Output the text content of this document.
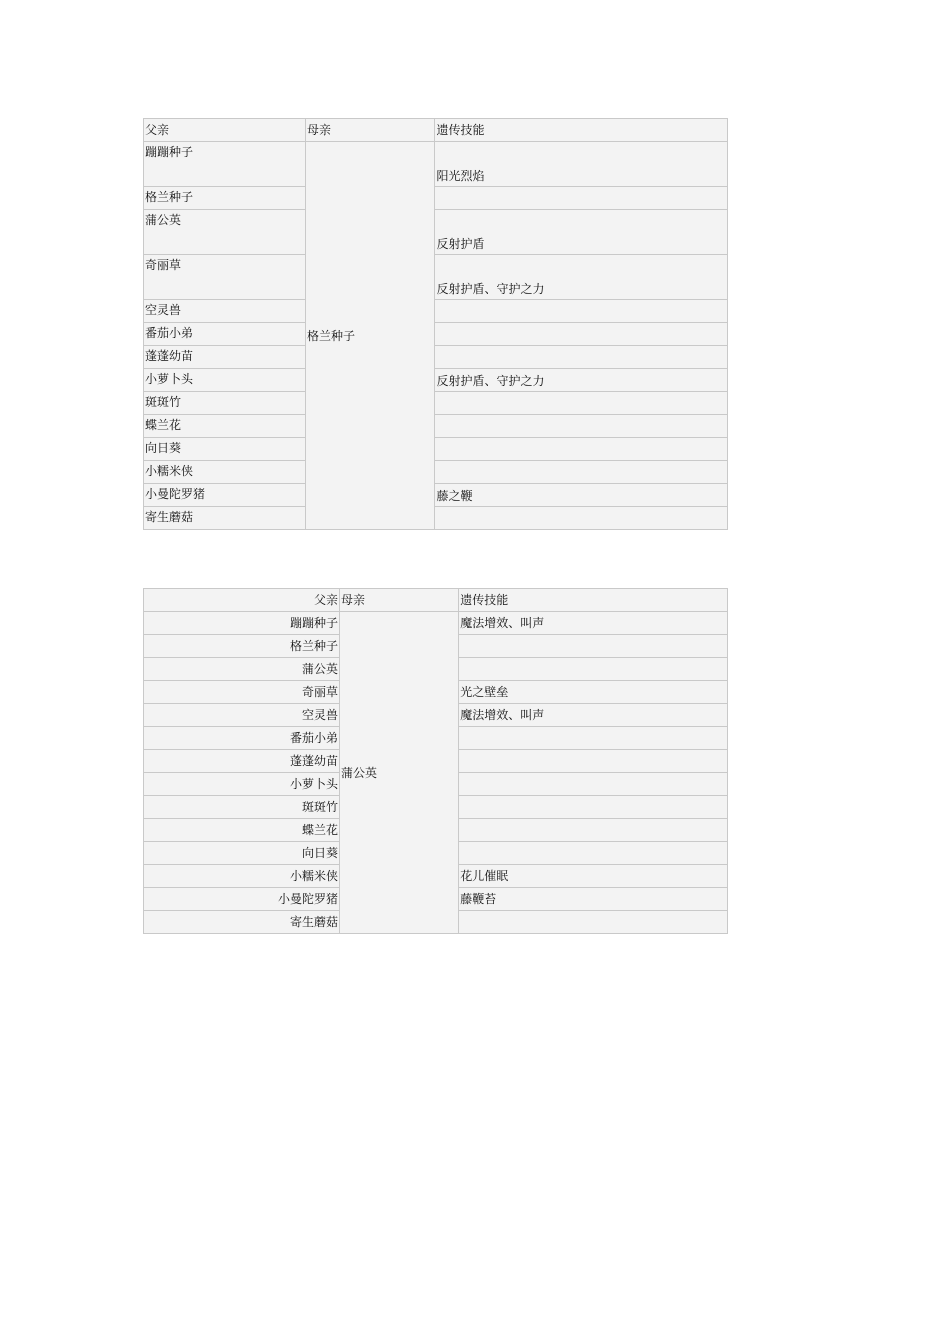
父亲	母亲	遗传技能
蹦蹦种子	格兰种子	阳光烈焰
格兰种子		
蒲公英		反射护盾
奇丽草		反射护盾、守护之力
空灵兽		
番茄小弟		
蓬蓬幼苗		
小萝卜头		反射护盾、守护之力
斑斑竹		
蝶兰花		
向日葵		
小糯米侠		
小曼陀罗猪		藤之鞭
寄生蘑菇		
父亲	母亲	遗传技能
蹦蹦种子	蒲公英	魔法增效、叫声
格兰种子		
蒲公英		
奇丽草		光之壁垒
空灵兽		魔法增效、叫声
番茄小弟		
蓬蓬幼苗		
小萝卜头		
斑斑竹		
蝶兰花		
向日葵		
小糯米侠		花儿催眠
小曼陀罗猪		藤鞭苔
寄生蘑菇		
